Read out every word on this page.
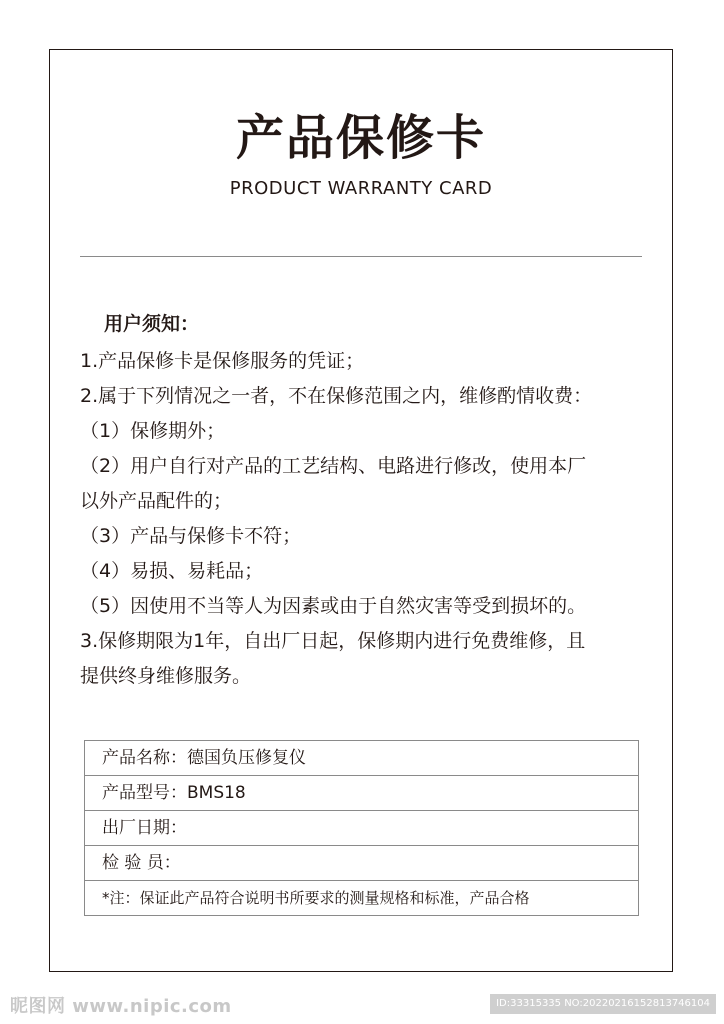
产品保修卡
PRODUCT WARRANTY CARD
用户须知：
1.产品保修卡是保修服务的凭证；
2.属于下列情况之一者，不在保修范围之内，维修酌情收费：
（1）保修期外；
（2）用户自行对产品的工艺结构、电路进行修改，使用本厂
以外产品配件的；
（3）产品与保修卡不符；
（4）易损、易耗品；
（5）因使用不当等人为因素或由于自然灾害等受到损坏的。
3.保修期限为1年，自出厂日起，保修期内进行免费维修，且
提供终身维修服务。
产品名称：德国负压修复仪
产品型号：BMS18
出厂日期：
检 验 员：
*注：保证此产品符合说明书所要求的测量规格和标准，产品合格
昵图网 www.nipic.com	ID:33315335 NO:20220216152813746104
